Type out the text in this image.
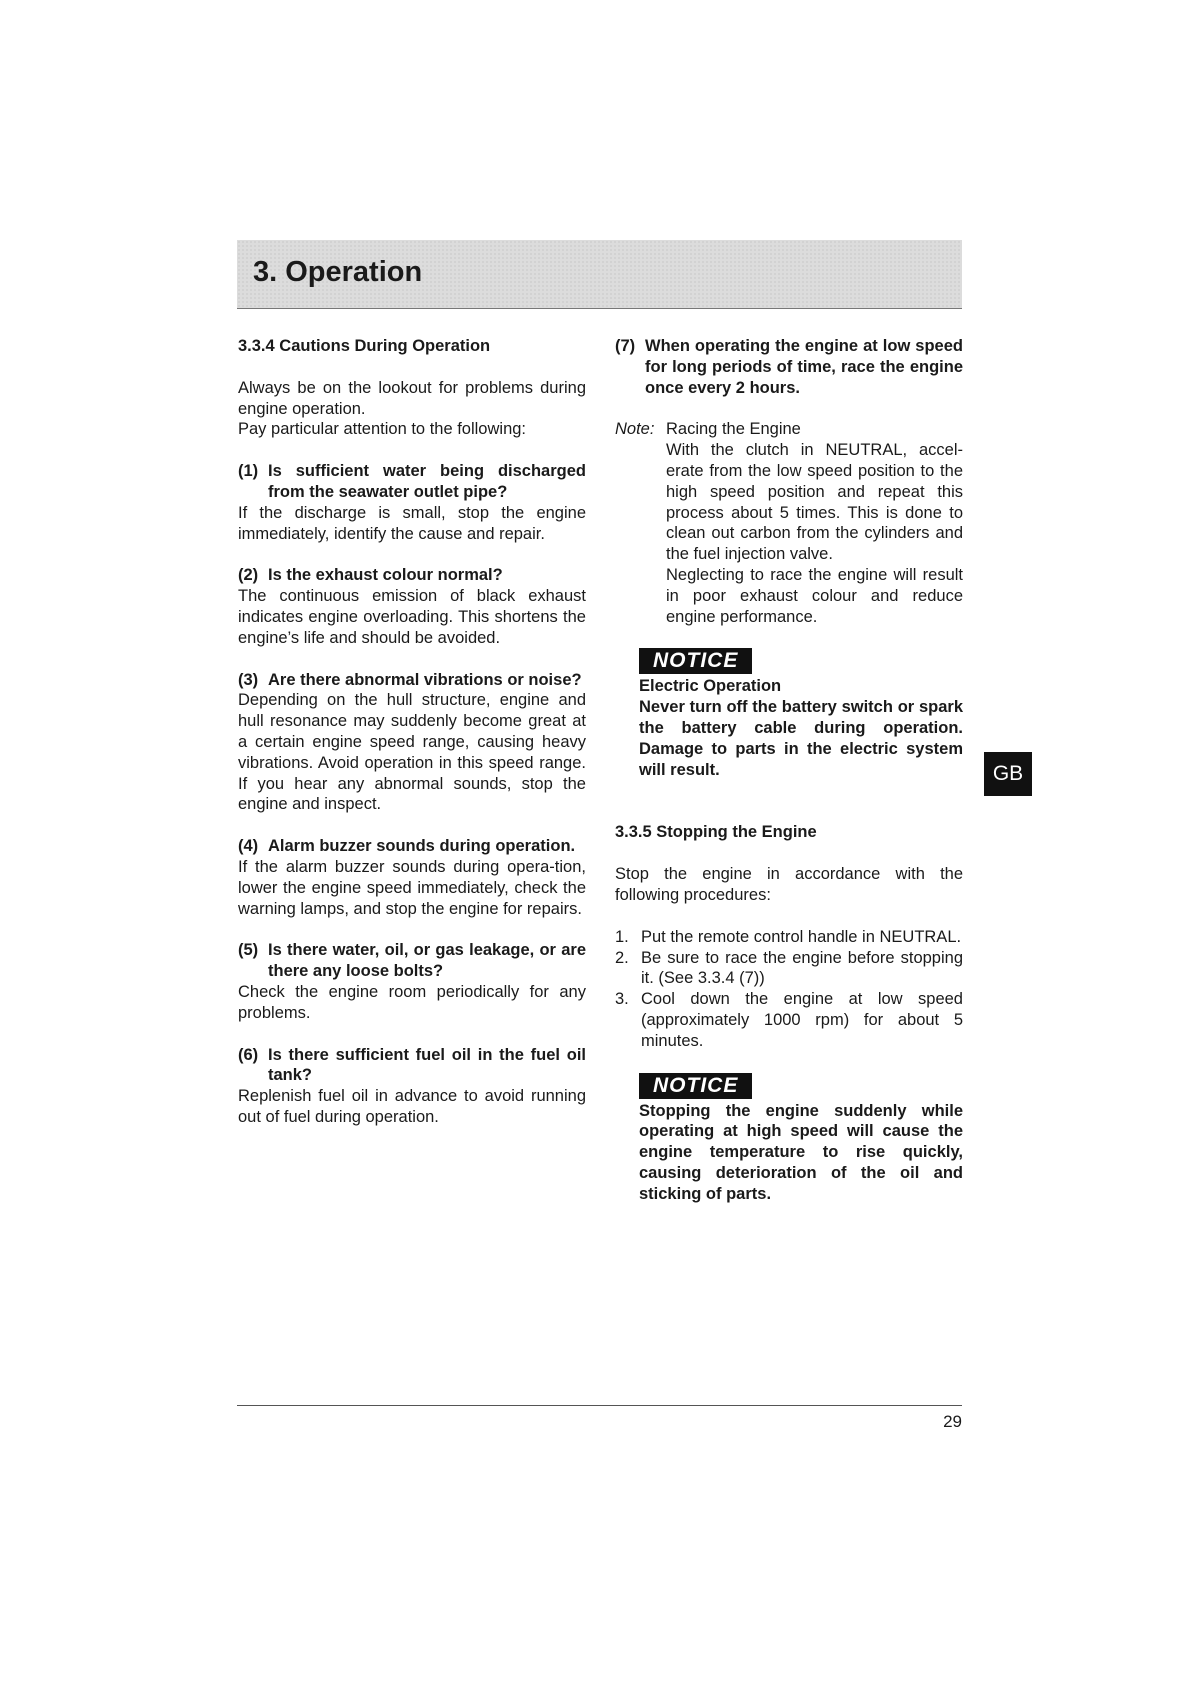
3. Operation

3.3.4 Cautions During Operation

Always be on the lookout for problems during engine operation.

Pay particular attention to the following:

(1) Is sufficient water being discharged from the seawater outlet pipe?

If the discharge is small, stop the engine immediately, identify the cause and repair.

(2) Is the exhaust colour normal?

The continuous emission of black exhaust indicates engine overloading. This shortens the engine’s life and should be avoided.

(3) Are there abnormal vibrations or noise?

Depending on the hull structure, engine and hull resonance may suddenly become great at a certain engine speed range, causing heavy vibrations. Avoid operation in this speed range. If you hear any abnormal sounds, stop the engine and inspect.

(4) Alarm buzzer sounds during operation.

If the alarm buzzer sounds during opera-tion, lower the engine speed immediately, check the warning lamps, and stop the engine for repairs.

(5) Is there water, oil, or gas leakage, or are there any loose bolts?

Check the engine room periodically for any problems.

(6) Is there sufficient fuel oil in the fuel oil tank?

Replenish fuel oil in advance to avoid running out of fuel during operation.

(7) When operating the engine at low speed for long periods of time, race the engine once every 2 hours.
Note: Racing the Engine

With the clutch in NEUTRAL, accel-erate from the low speed position to the high speed position and repeat this process about 5 times. This is done to clean out carbon from the cylinders and the fuel injection valve.

Neglecting to race the engine will result in poor exhaust colour and reduce engine performance.

NOTICE

Electric Operation

Never turn off the battery switch or spark the battery cable during operation. Damage to parts in the electric system will result.

3.3.5 Stopping the Engine

Stop the engine in accordance with the following procedures:

1. Put the remote control handle in NEUTRAL.
2. Be sure to race the engine before stopping it. (See 3.3.4 (7))
3. Cool down the engine at low speed (approximately 1000 rpm) for about 5 minutes.
NOTICE

Stopping the engine suddenly while operating at high speed will cause the engine temperature to rise quickly, causing deterioration of the oil and sticking of parts.

GB
29
